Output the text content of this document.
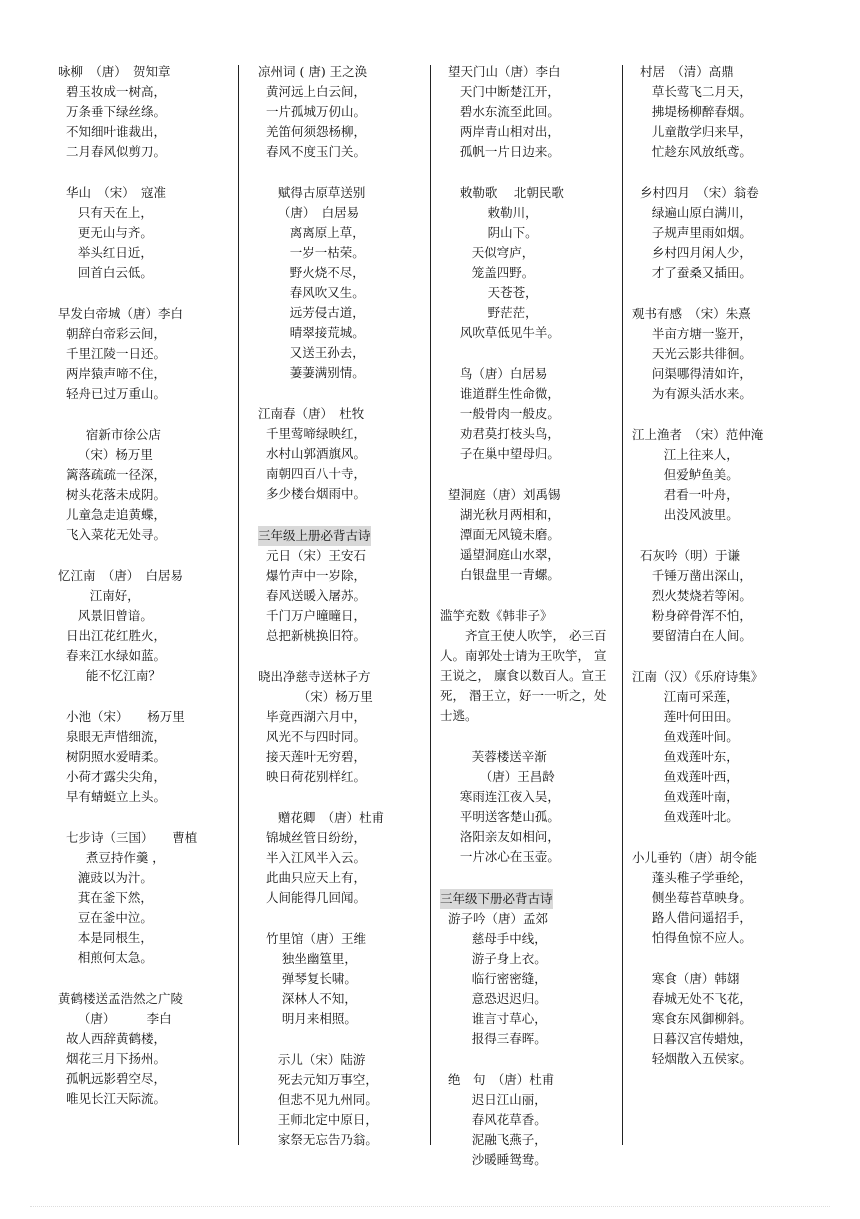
咏柳　（唐）　贺知章
碧玉妆成一树高，
万条垂下绿丝绦。
不知细叶谁裁出，
二月春风似剪刀。
华山　（宋）　寇准
只有天在上，
更无山与齐。
举头红日近，
回首白云低。
早发白帝城（唐）李白
朝辞白帝彩云间，
千里江陵一日还。
两岸猿声啼不住，
轻舟已过万重山。
宿新市徐公店
（宋）杨万里
篱落疏疏一径深，
树头花落未成阴。
儿童急走追黄蝶，
飞入菜花无处寻。
忆江南　（唐）　白居易
江南好，
风景旧曾谙。
日出江花红胜火，
春来江水绿如蓝。
能不忆江南？
小池（宋）　　杨万里
泉眼无声惜细流，
树阴照水爱晴柔。
小荷才露尖尖角，
早有蜻蜓立上头。
七步诗（三国）　　曹植
煮豆持作羹 ，
漉豉以为汁。
萁在釜下然，
豆在釜中泣。
本是同根生，
相煎何太急。
黄鹤楼送孟浩然之广陵
（唐）　　　李白
故人西辞黄鹤楼，
烟花三月下扬州。
孤帆远影碧空尽，
唯见长江天际流。
凉州词 ( 唐) 王之涣
黄河远上白云间，
一片孤城万仞山。
羌笛何须怨杨柳，
春风不度玉门关。
赋得古原草送别
（唐）　白居易
离离原上草，
一岁一枯荣。
野火烧不尽，
春风吹又生。
远芳侵古道，
晴翠接荒城。
又送王孙去，
萋萋满别情。
江南春（唐）　杜牧
千里莺啼绿映红，
水村山郭酒旗风。
南朝四百八十寺，
多少楼台烟雨中。
三年级上册必背古诗
元日（宋）王安石
爆竹声中一岁除，
春风送暖入屠苏。
千门万户曈曈日，
总把新桃换旧符。
晓出净慈寺送林子方
（宋）杨万里
毕竟西湖六月中，
风光不与四时同。
接天莲叶无穷碧，
映日荷花别样红。
赠花卿　（唐）杜甫
锦城丝管日纷纷，
半入江风半入云。
此曲只应天上有，
人间能得几回闻。
竹里馆（唐）王维
独坐幽篁里，
弹琴复长啸。
深林人不知，
明月来相照。
示儿（宋）陆游
死去元知万事空，
但悲不见九州同。
王师北定中原日，
家祭无忘告乃翁。
望天门山（唐）李白
天门中断楚江开，
碧水东流至此回。
两岸青山相对出，
孤帆一片日边来。
敕勒歌　 北朝民歌
敕勒川，
阴山下。
天似穹庐，
笼盖四野。
天苍苍，
野茫茫，
风吹草低见牛羊。
鸟（唐）白居易
谁道群生性命微，
一般骨肉一般皮。
劝君莫打枝头鸟，
子在巢中望母归。
望洞庭（唐）刘禹锡
湖光秋月两相和，
潭面无风镜未磨。
遥望洞庭山水翠，
白银盘里一青螺。
滥竽充数《韩非子》
　　齐宣王使人吹竽， 必三百人。南郭处士请为王吹竽， 宣王说之， 廪食以数百人。宣王死， 湣王立，好一一听之，处士逃。
芙蓉楼送辛渐
（唐）王昌龄
寒雨连江夜入吴，
平明送客楚山孤。
洛阳亲友如相问，
一片冰心在玉壶。
三年级下册必背古诗
游子吟（唐）孟郊
慈母手中线，
游子身上衣。
临行密密缝，
意恐迟迟归。
谁言寸草心，
报得三春晖。
绝　句　（唐）杜甫
迟日江山丽，
春风花草香。
泥融飞燕子，
沙暖睡鸳鸯。
村居　（清）高鼎
草长莺飞二月天，
拂堤杨柳醉春烟。
儿童散学归来早，
忙趁东风放纸鸢。
乡村四月　（宋）翁卷
绿遍山原白满川，
子规声里雨如烟。
乡村四月闲人少，
才了蚕桑又插田。
观书有感　（宋）朱熹
半亩方塘一鉴开，
天光云影共徘徊。
问渠哪得清如许，
为有源头活水来。
江上渔者　（宋）范仲淹
江上往来人，
但爱鲈鱼美。
君看一叶舟，
出没风波里。
石灰吟（明）于谦
千锤万凿出深山，
烈火焚烧若等闲。
粉身碎骨浑不怕，
要留清白在人间。
江南（汉）《乐府诗集》
江南可采莲，
莲叶何田田。
鱼戏莲叶间。
鱼戏莲叶东，
鱼戏莲叶西，
鱼戏莲叶南，
鱼戏莲叶北。
小儿垂钓（唐）胡令能
蓬头稚子学垂纶，
侧坐莓苔草映身。
路人借问遥招手，
怕得鱼惊不应人。
寒食（唐）韩翃
春城无处不飞花，
寒食东风御柳斜。
日暮汉宫传蜡烛，
轻烟散入五侯家。
